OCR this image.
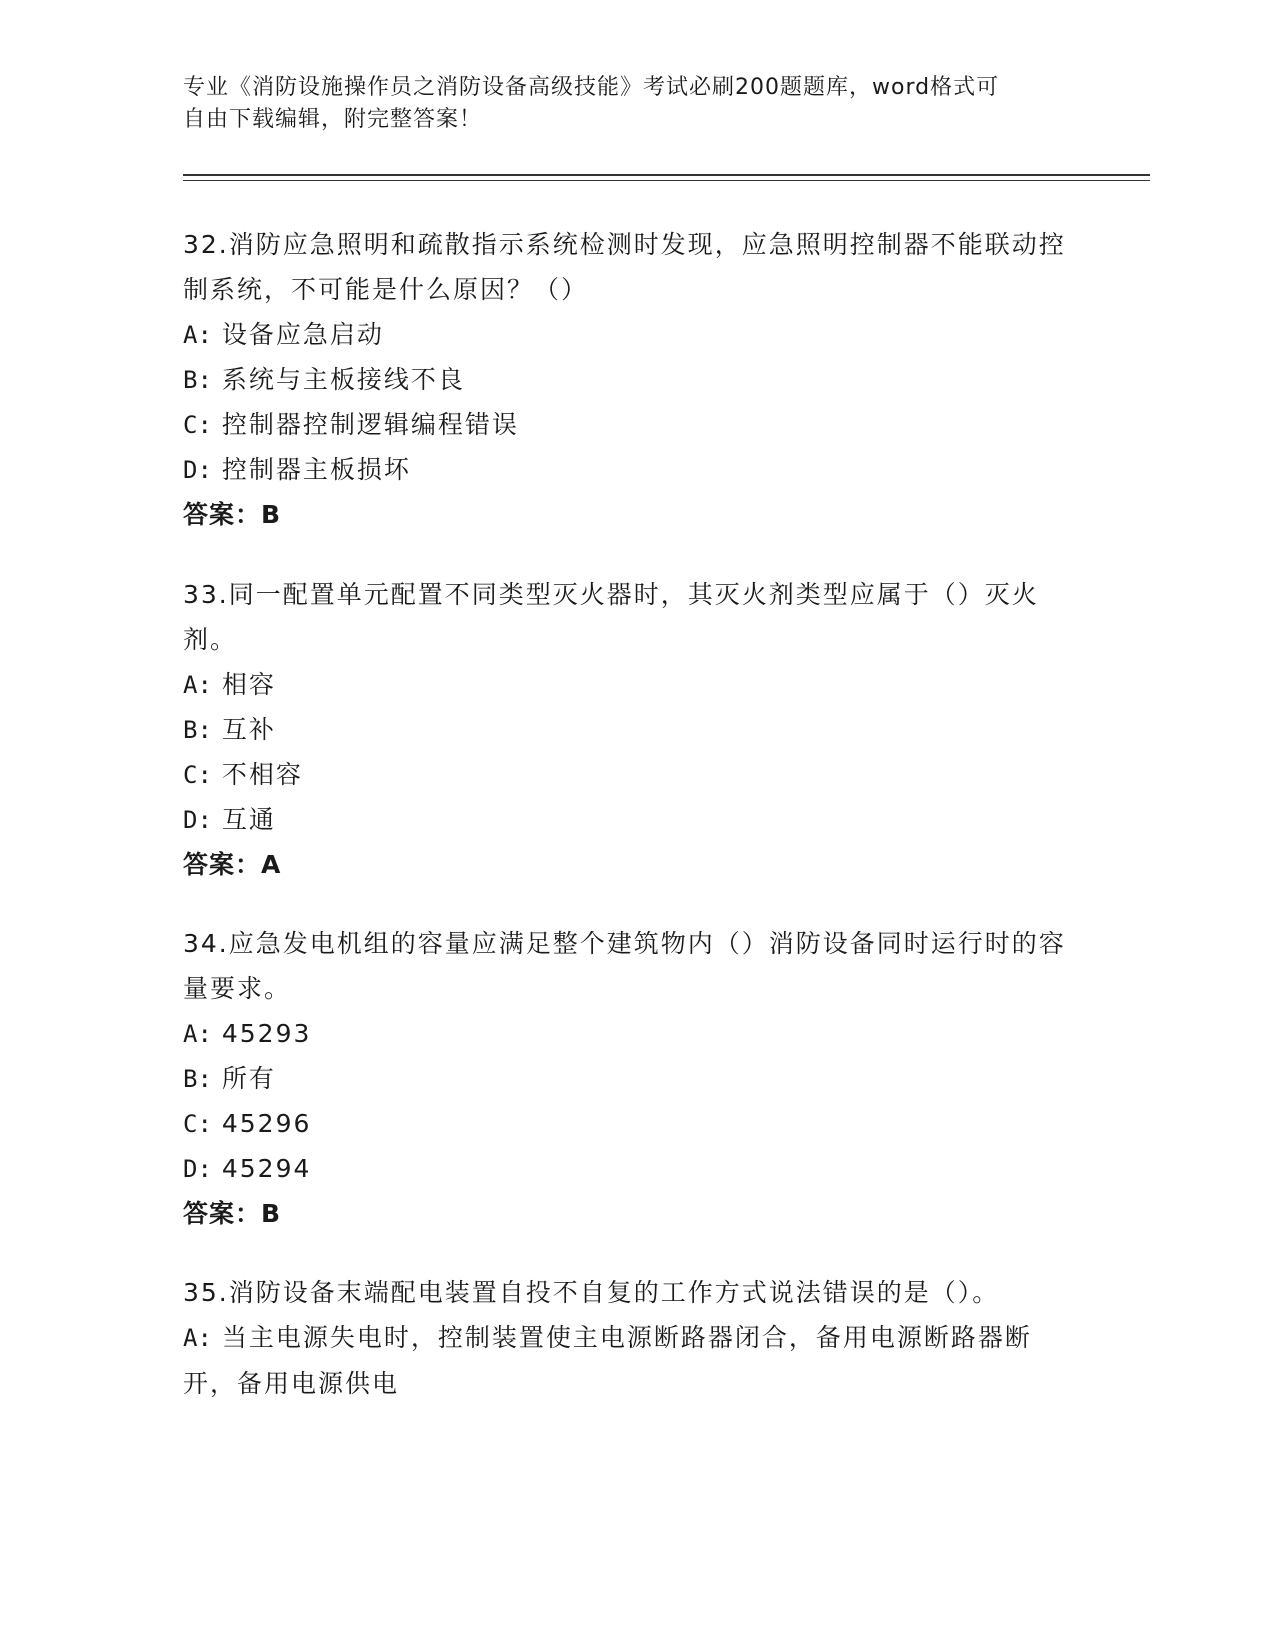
专业《消防设施操作员之消防设备高级技能》考试必刷200题题库，word格式可
自由下载编辑，附完整答案！

32.消防应急照明和疏散指示系统检测时发现，应急照明控制器不能联动控制系统，不可能是什么原因？（）

A: 设备应急启动

B: 系统与主板接线不良

C: 控制器控制逻辑编程错误

D: 控制器主板损坏

答案：B

33.同一配置单元配置不同类型灭火器时，其灭火剂类型应属于（）灭火剂。

A: 相容

B: 互补

C: 不相容

D: 互通

答案：A

34.应急发电机组的容量应满足整个建筑物内（）消防设备同时运行时的容量要求。

A: 45293

B: 所有

C: 45296

D: 45294

答案：B

35.消防设备末端配电装置自投不自复的工作方式说法错误的是（）。

A: 当主电源失电时，控制装置使主电源断路器闭合，备用电源断路器断开，备用电源供电
